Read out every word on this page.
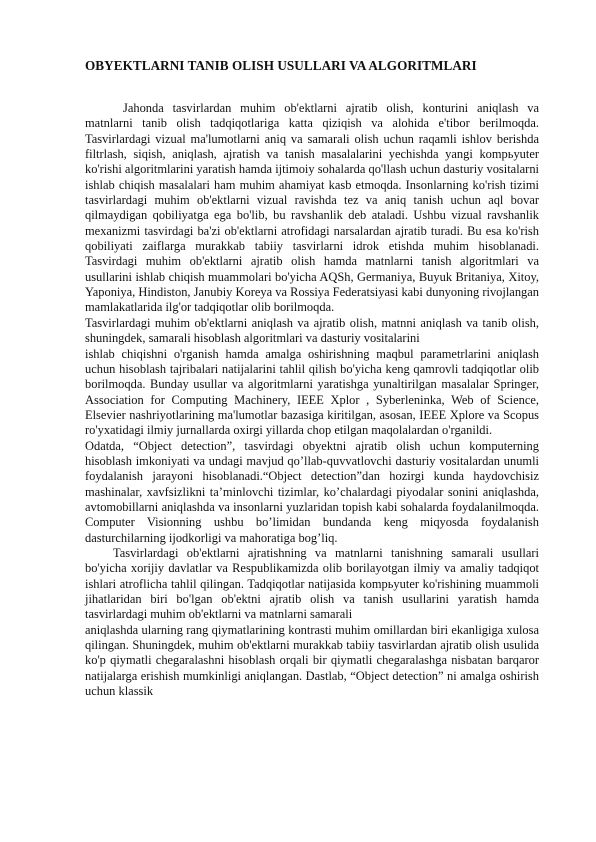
OBYEKTLARNI TANIB OLISH USULLARI VA ALGORITMLARI

Jahonda tasvirlardan muhim ob'ektlarni ajratib olish, konturini aniqlash va matnlarni tanib olish tadqiqotlariga katta qiziqish va alohida e'tibor berilmoqda. Tasvirlardagi vizual ma'lumotlarni aniq va samarali olish uchun raqamli ishlov berishda filtrlash, siqish, aniqlash, ajratish va tanish masalalarini yechishda yangi kompьyuter ko'rishi algoritmlarini yaratish hamda ijtimoiy sohalarda qo'llash uchun dasturiy vositalarni ishlab chiqish masalalari ham muhim ahamiyat kasb etmoqda. Insonlarning ko'rish tizimi tasvirlardagi muhim ob'ektlarni vizual ravishda tez va aniq tanish uchun aql bovar qilmaydigan qobiliyatga ega bo'lib, bu ravshanlik deb ataladi. Ushbu vizual ravshanlik mexanizmi tasvirdagi ba'zi ob'ektlarni atrofidagi narsalardan ajratib turadi. Bu esa ko'rish qobiliyati zaiflarga murakkab tabiiy tasvirlarni idrok etishda muhim hisoblanadi. Tasvirdagi muhim ob'ektlarni ajratib olish hamda matnlarni tanish algoritmlari va usullarini ishlab chiqish muammolari bo'yicha AQSh, Germaniya, Buyuk Britaniya, Xitoy, Yaponiya, Hindiston, Janubiy Koreya va Rossiya Federatsiyasi kabi dunyoning rivojlangan mamlakatlarida ilg'or tadqiqotlar olib borilmoqda.

Tasvirlardagi muhim ob'ektlarni aniqlash va ajratib olish, matnni aniqlash va tanib olish, shuningdek, samarali hisoblash algoritmlari va dasturiy vositalarini

ishlab chiqishni o'rganish hamda amalga oshirishning maqbul parametrlarini aniqlash uchun hisoblash tajribalari natijalarini tahlil qilish bo'yicha keng qamrovli tadqiqotlar olib borilmoqda. Bunday usullar va algoritmlarni yaratishga yunaltirilgan masalalar Springer, Association for Computing Machinery, IEEE Xplor , Syberleninka, Web of Science, Elsevier nashriyotlarining ma'lumotlar bazasiga kiritilgan, asosan, IEEE Xplore va Scopus ro'yxatidagi ilmiy jurnallarda oxirgi yillarda chop etilgan maqolalardan o'rganildi.

Odatda, “Object detection”, tasvirdagi obyektni ajratib olish uchun komputerning hisoblash imkoniyati va undagi mavjud qo’llab-quvvatlovchi dasturiy vositalardan unumli foydalanish jarayoni hisoblanadi.“Object detection”dan hozirgi kunda haydovchisiz mashinalar, xavfsizlikni ta’minlovchi tizimlar, ko’chalardagi piyodalar sonini aniqlashda, avtomobillarni aniqlashda va insonlarni yuzlaridan topish kabi sohalarda foydalanilmoqda. Computer Visionning ushbu bo’limidan bundanda keng miqyosda foydalanish dasturchilarning ijodkorligi va mahoratiga bog’liq.

Tasvirlardagi ob'ektlarni ajratishning va matnlarni tanishning samarali usullari bo'yicha xorijiy davlatlar va Respublikamizda olib borilayotgan ilmiy va amaliy tadqiqot ishlari atroflicha tahlil qilingan. Tadqiqotlar natijasida kompьyuter ko'rishining muammoli jihatlaridan biri bo'lgan ob'ektni ajratib olish va tanish usullarini yaratish hamda tasvirlardagi muhim ob'ektlarni va matnlarni samarali

aniqlashda ularning rang qiymatlarining kontrasti muhim omillardan biri ekanligiga xulosa qilingan. Shuningdek, muhim ob'ektlarni murakkab tabiiy tasvirlardan ajratib olish usulida ko'p qiymatli chegaralashni hisoblash orqali bir qiymatli chegaralashga nisbatan barqaror natijalarga erishish mumkinligi aniqlangan. Dastlab, “Object detection” ni amalga oshirish uchun klassik
